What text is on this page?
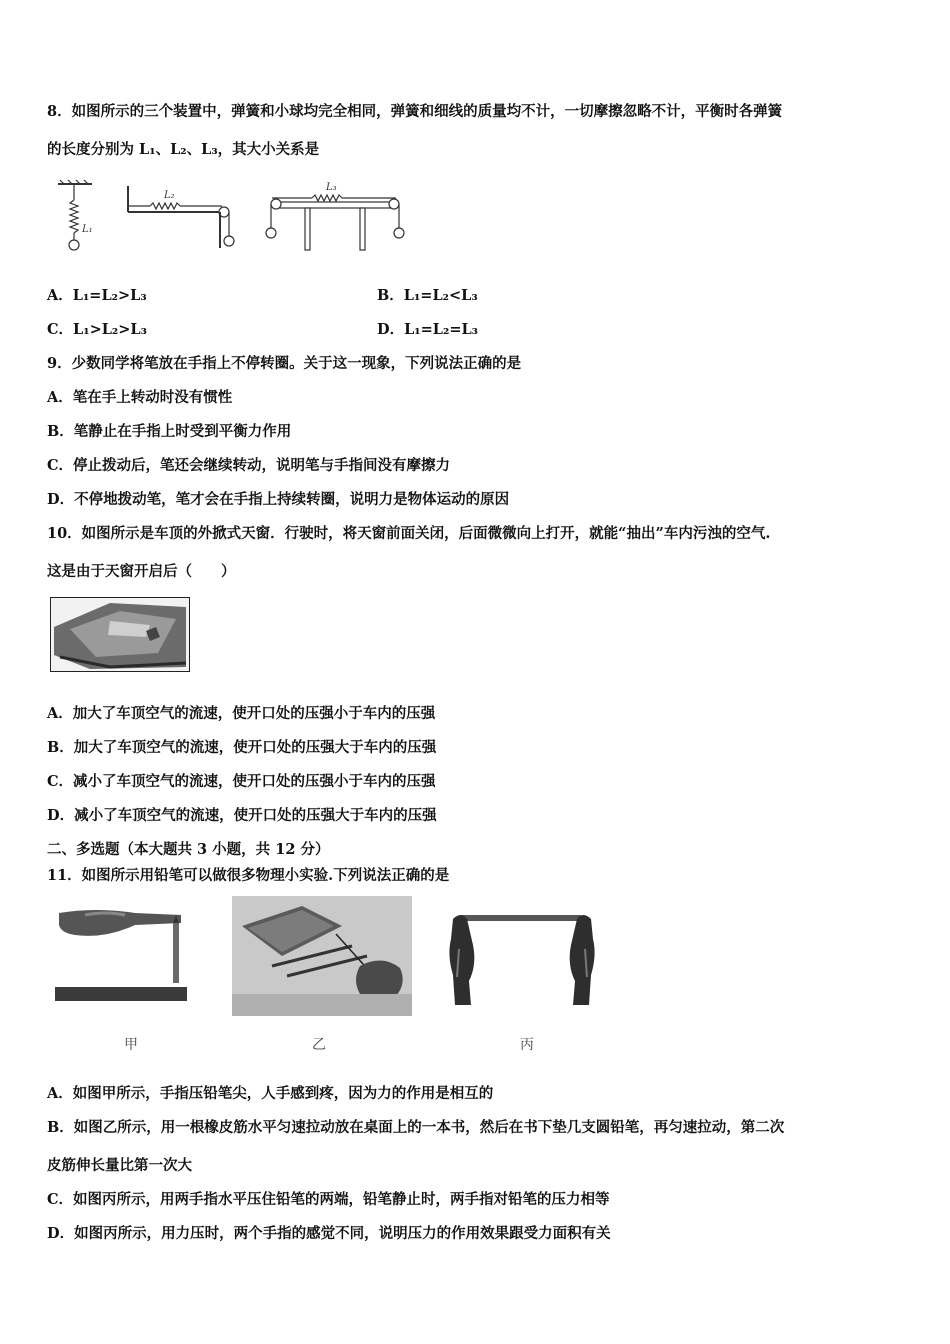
8．如图所示的三个装置中，弹簧和小球均完全相同，弹簧和细线的质量均不计，一切摩擦忽略不计，平衡时各弹簧
的长度分别为 L₁、L₂、L₃，其大小关系是
L₁
L₂
L₃
A．L₁=L₂>L₃	B．L₁=L₂<L₃
C．L₁>L₂>L₃	D．L₁=L₂=L₃
9．少数同学将笔放在手指上不停转圈。关于这一现象，下列说法正确的是
A．笔在手上转动时没有惯性
B．笔静止在手指上时受到平衡力作用
C．停止拨动后，笔还会继续转动，说明笔与手指间没有摩擦力
D．不停地拨动笔，笔才会在手指上持续转圈，说明力是物体运动的原因
10．如图所示是车顶的外掀式天窗．行驶时，将天窗前面关闭，后面微微向上打开，就能“抽出”车内污浊的空气.
这是由于天窗开启后（　　）
A．加大了车顶空气的流速，使开口处的压强小于车内的压强
B．加大了车顶空气的流速，使开口处的压强大于车内的压强
C．减小了车顶空气的流速，使开口处的压强小于车内的压强
D．减小了车顶空气的流速，使开口处的压强大于车内的压强
二、多选题（本大题共 3 小题，共 12 分）
11．如图所示用铅笔可以做很多物理小实验.下列说法正确的是
甲	乙	丙
A．如图甲所示，手指压铅笔尖，人手感到疼，因为力的作用是相互的
B．如图乙所示，用一根橡皮筋水平匀速拉动放在桌面上的一本书，然后在书下垫几支圆铅笔，再匀速拉动，第二次
皮筋伸长量比第一次大
C．如图丙所示，用两手指水平压住铅笔的两端，铅笔静止时，两手指对铅笔的压力相等
D．如图丙所示，用力压时，两个手指的感觉不同，说明压力的作用效果跟受力面积有关
